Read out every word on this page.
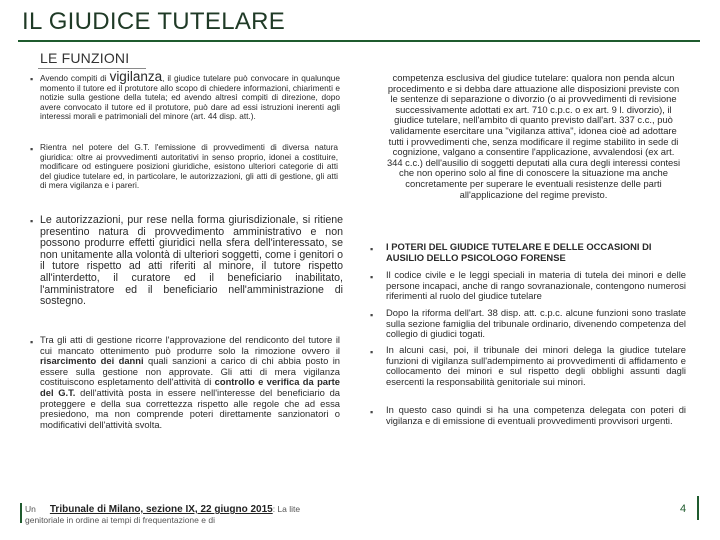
IL GIUDICE TUTELARE
LE FUNZIONI
▪ Avendo compiti di vigilanza, il giudice tutelare può convocare in qualunque momento il tutore ed il protutore allo scopo di chiedere informazioni, chiarimenti e notizie sulla gestione della tutela; ed avendo altresì compiti di direzione, dopo avere convocato il tutore ed il protutore, può dare ad essi istruzioni inerenti agli interessi morali e patrimoniali del minore (art. 44 disp. att.).
▪ Rientra nel potere del G.T. l'emissione di provvedimenti di diversa natura giuridica: oltre ai provvedimenti autoritativi in senso proprio, idonei a costituire, modificare od estinguere posizioni giuridiche, esistono ulteriori categorie di atti del giudice tutelare ed, in particolare, le autorizzazioni, gli atti di gestione, gli atti di mera vigilanza e i pareri.
▪ Le autorizzazioni, pur rese nella forma giurisdizionale, si ritiene presentino natura di provvedimento amministrativo e non possono produrre effetti giuridici nella sfera dell'interessato, se non unitamente alla volontà di ulteriori soggetti, come i genitori o il tutore rispetto ad atti riferiti al minore, il tutore rispetto all'interdetto, il curatore ed il beneficiario inabilitato, l'amministratore ed il beneficiario nell'amministrazione di sostegno.
▪ Tra gli atti di gestione ricorre l'approvazione del rendiconto del tutore il cui mancato ottenimento può produrre solo la rimozione ovvero il risarcimento dei danni quali sanzioni a carico di chi abbia posto in essere sulla gestione non approvate. Gli atti di mera vigilanza costituiscono espletamento dell'attività di controllo e verifica da parte del G.T. dell'attività posta in essere nell'interesse del beneficiario da proteggere e della sua correttezza rispetto alle regole che ad essa presiedono, ma non comprende poteri direttamente sanzionatori o modificativi dell'attività svolta.
Un Tribunale di Milano, sezione IX, 22 giugno 2015: La lite genitoriale in ordine ai tempi di frequentazione e di
competenza esclusiva del giudice tutelare: qualora non penda alcun procedimento e si debba dare attuazione alle disposizioni previste con le sentenze di separazione o divorzio (o ai provvedimenti di revisione successivamente adottati ex art. 710 c.p.c. o ex art. 9 l. divorzio), il giudice tutelare, nell'ambito di quanto previsto dall'art. 337 c.c., può validamente esercitare una "vigilanza attiva", idonea cioè ad adottare tutti i provvedimenti che, senza modificare il regime stabilito in sede di cognizione, valgano a consentire l'applicazione, avvalendosi (ex art. 344 c.c.) dell'ausilio di soggetti deputati alla cura degli interessi contesi che non operino solo al fine di conoscere la situazione ma anche concretamente per superare le eventuali resistenze delle parti all'applicazione del regime previsto.
▪ I POTERI DEL GIUDICE TUTELARE E DELLE OCCASIONI DI AUSILIO DELLO PSICOLOGO FORENSE
▪ Il codice civile e le leggi speciali in materia di tutela dei minori e delle persone incapaci, anche di rango sovranazionale, contengono numerosi riferimenti al ruolo del giudice tutelare
▪ Dopo la riforma dell'art. 38 disp. att. c.p.c. alcune funzioni sono traslate sulla sezione famiglia del tribunale ordinario, divenendo competenza del collegio di giudici togati.
▪ In alcuni casi, poi, il tribunale dei minori delega la giudice tutelare funzioni di vigilanza sull'adempimento ai provvedimenti di affidamento e collocamento dei minori e sul rispetto degli obblighi assunti dagli esercenti la responsabilità genitoriale sui minori.
▪ In questo caso quindi si ha una competenza delegata con poteri di vigilanza e di emissione di eventuali provvedimenti provvisori urgenti.
4
